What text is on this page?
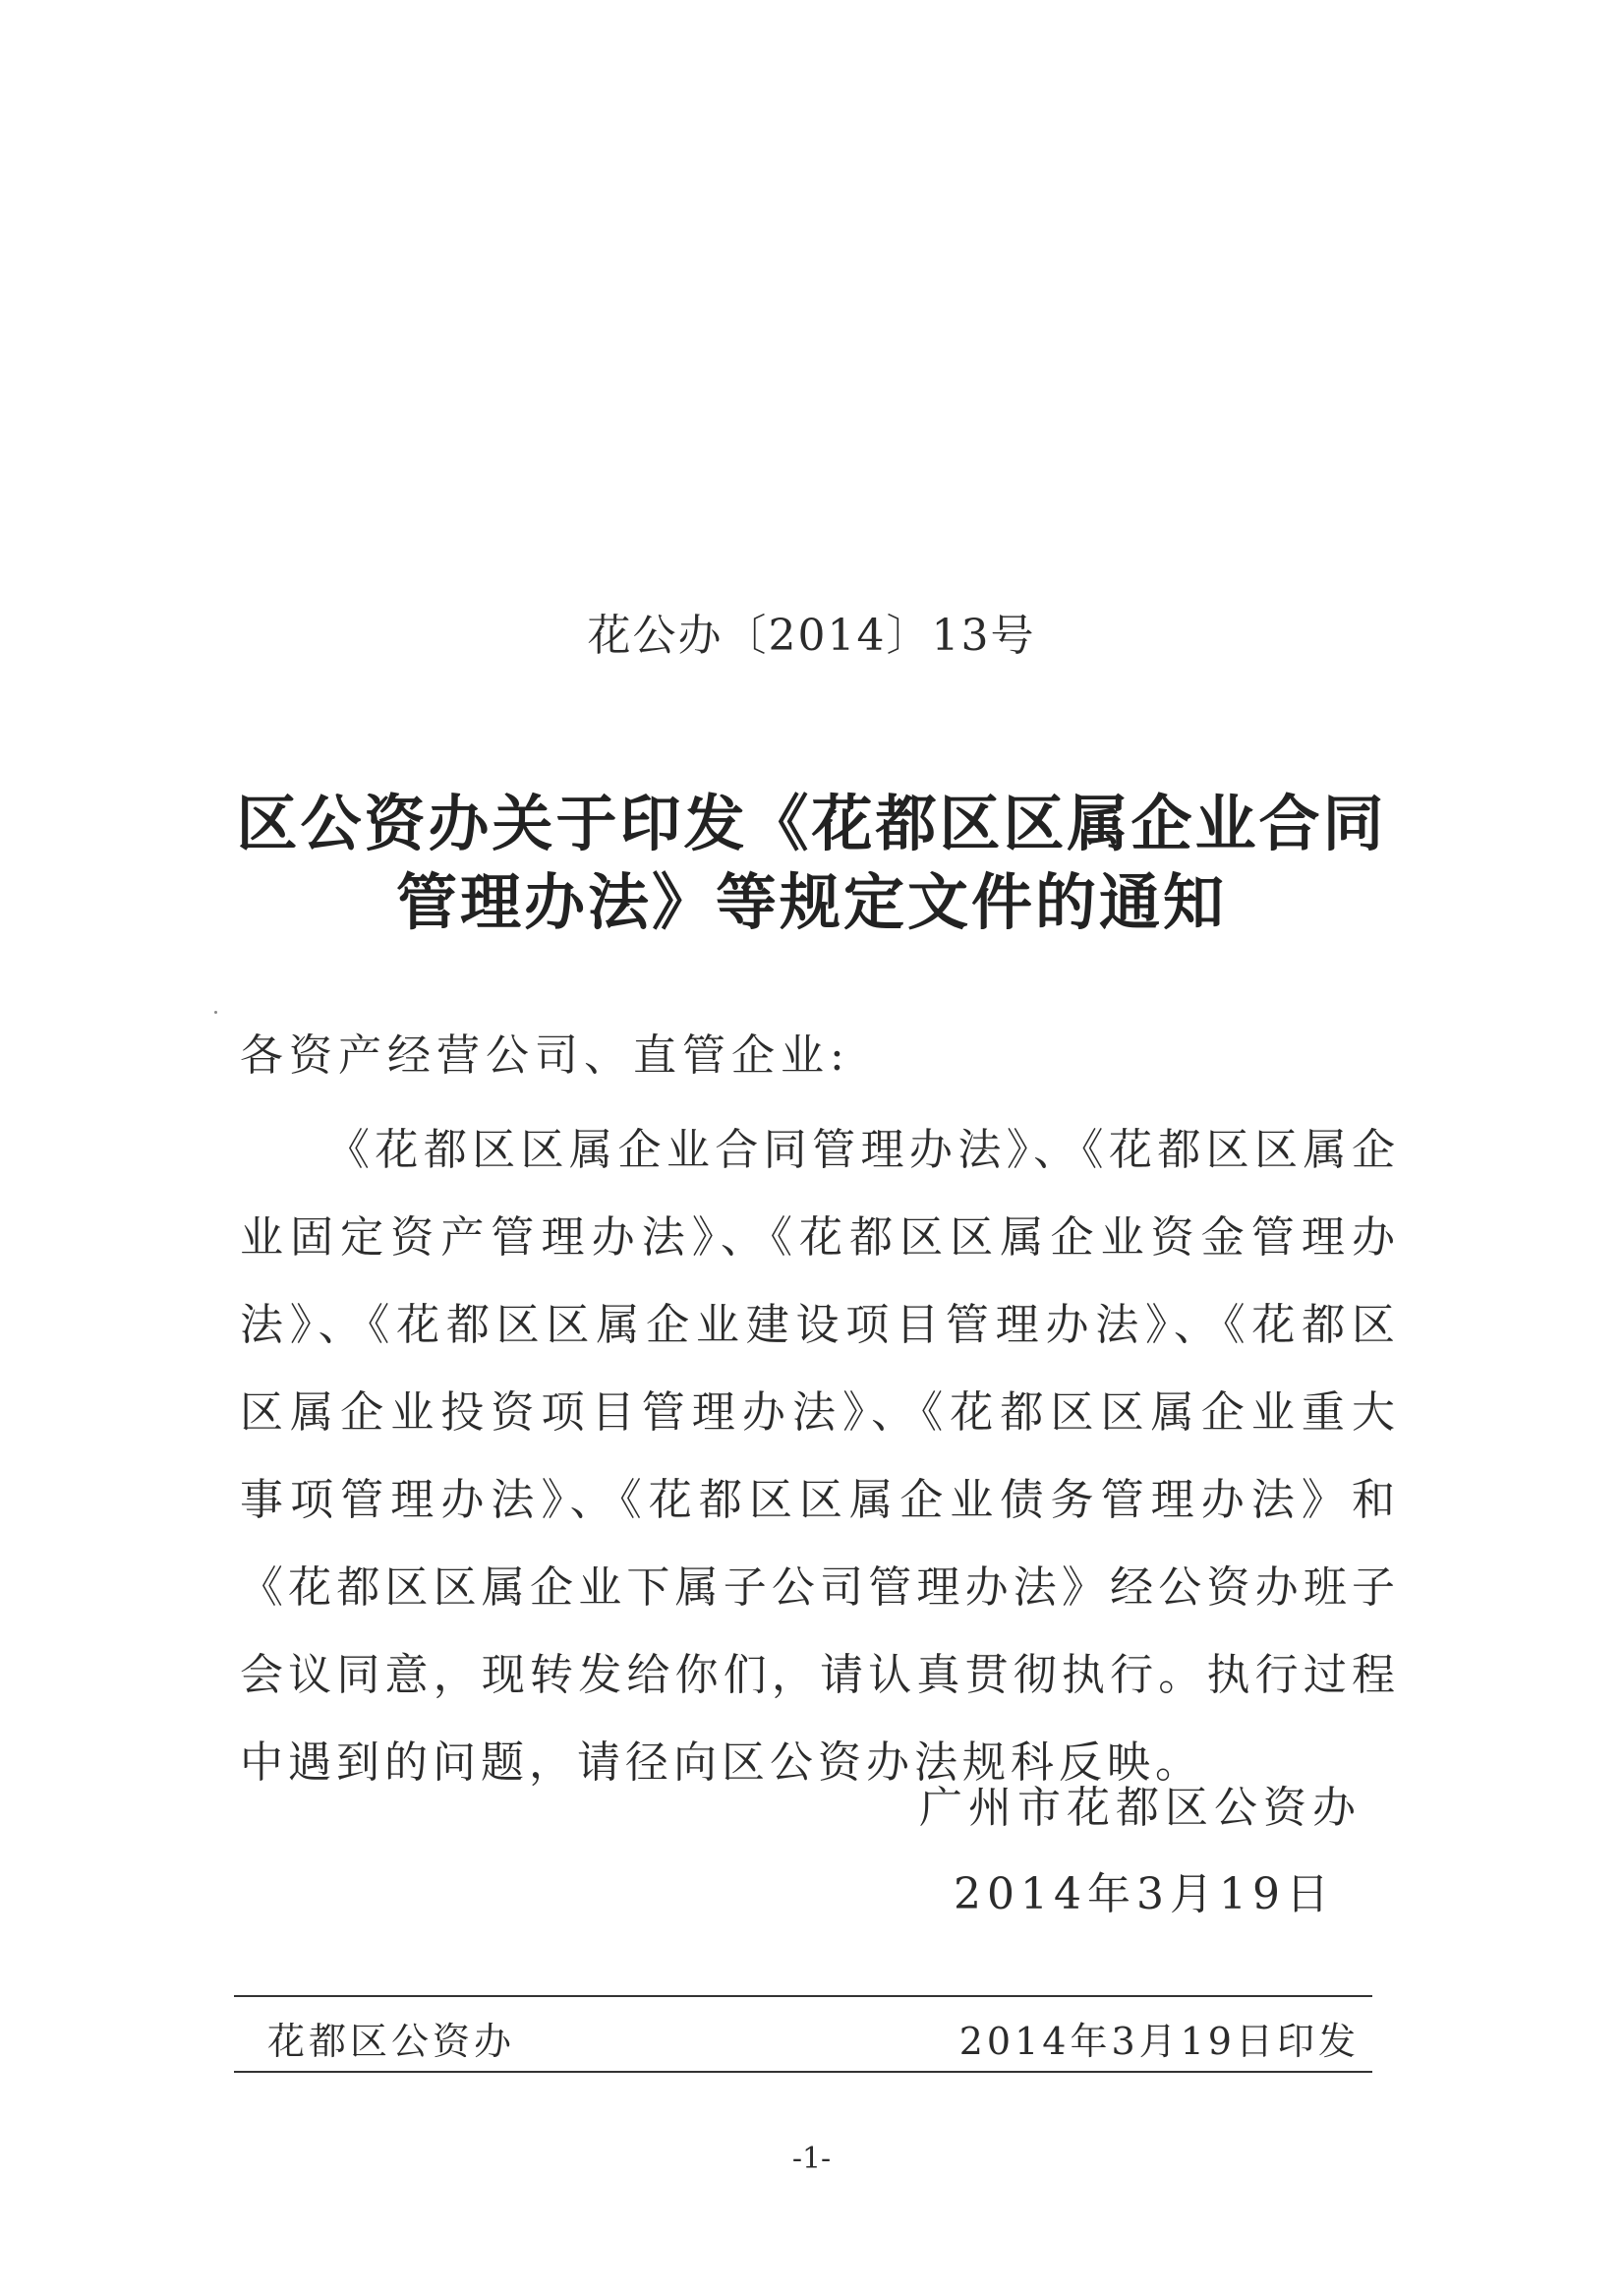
花公办〔2014〕13号
区公资办关于印发《花都区区属企业合同
管理办法》等规定文件的通知
各资产经营公司、直管企业:
《花都区区属企业合同管理办法》、《花都区区属企业固定资产管理办法》、《花都区区属企业资金管理办法》、《花都区区属企业建设项目管理办法》、《花都区区属企业投资项目管理办法》、《花都区区属企业重大事项管理办法》、《花都区区属企业债务管理办法》和《花都区区属企业下属子公司管理办法》经公资办班子会议同意，现转发给你们，请认真贯彻执行。执行过程中遇到的问题，请径向区公资办法规科反映。
广州市花都区公资办
2014年3月19日
花都区公资办	2014年3月19日印发
-1-
